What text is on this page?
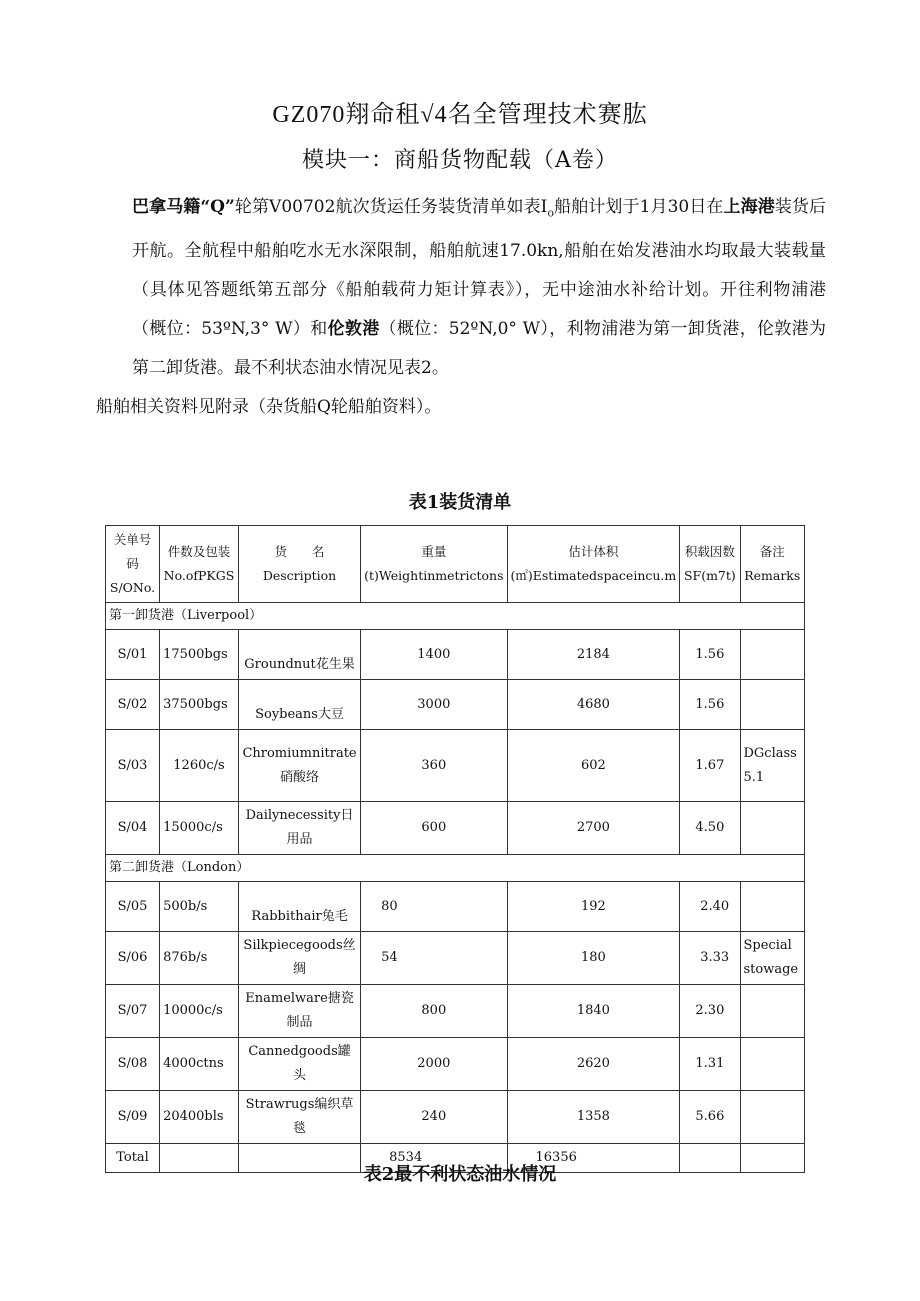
GZ070翔命租√4名全管理技术赛肱
模块一：商船货物配载（A卷）

巴拿马籍“Q”轮第V00702航次货运任务装货清单如表$I_o$船舶计划于1月30日在上海港装货后开航。全航程中船舶吃水无水深限制，船舶航速17.0kn,船舶在始发港油水均取最大装载量（具体见答题纸第五部分《船舶载荷力矩计算表》），无中途油水补给计划。开往利物浦港（概位：53ºN,3° W）和伦敦港（概位：52ºN,0° W），利物浦港为第一卸货港，伦敦港为第二卸货港。最不利状态油水情况见表2。

船舶相关资料见附录（杂货船Q轮船舶资料）。

表1装货清单
关单号码S/ONo.	件数及包装No.ofPKGS	货　　名Description	重量(t)Weightinmetrictons	估计体积(㎡)Estimatedspaceincu.m	积载因数SF(m7t)	备注Remarks
第一卸货港（Liverpool）						
S/01	17500bgs	Groundnut花生果	1400	2184	1.56	
S/02	37500bgs	Soybeans大豆	3000	4680	1.56	
S/03	1260c/s	Chromiumnitrate硝酸络	360	602	1.67	DGclass 5.1
S/04	15000c/s	Dailynecessity日用品	600	2700	4.50	
第二卸货港（London）						
S/05	500b/s	Rabbithair兔毛	80	192	2.40	
S/06	876b/s	Silkpiecegoods丝绸	54	180	3.33	Special stowage
S/07	10000c/s	Enamelware搪瓷制品	800	1840	2.30	
S/08	4000ctns	Cannedgoods罐头	2000	2620	1.31	
S/09	20400bls	Strawrugs编织草毯	240	1358	5.66	
Total			8534	16356		
表2最不利状态油水情况
